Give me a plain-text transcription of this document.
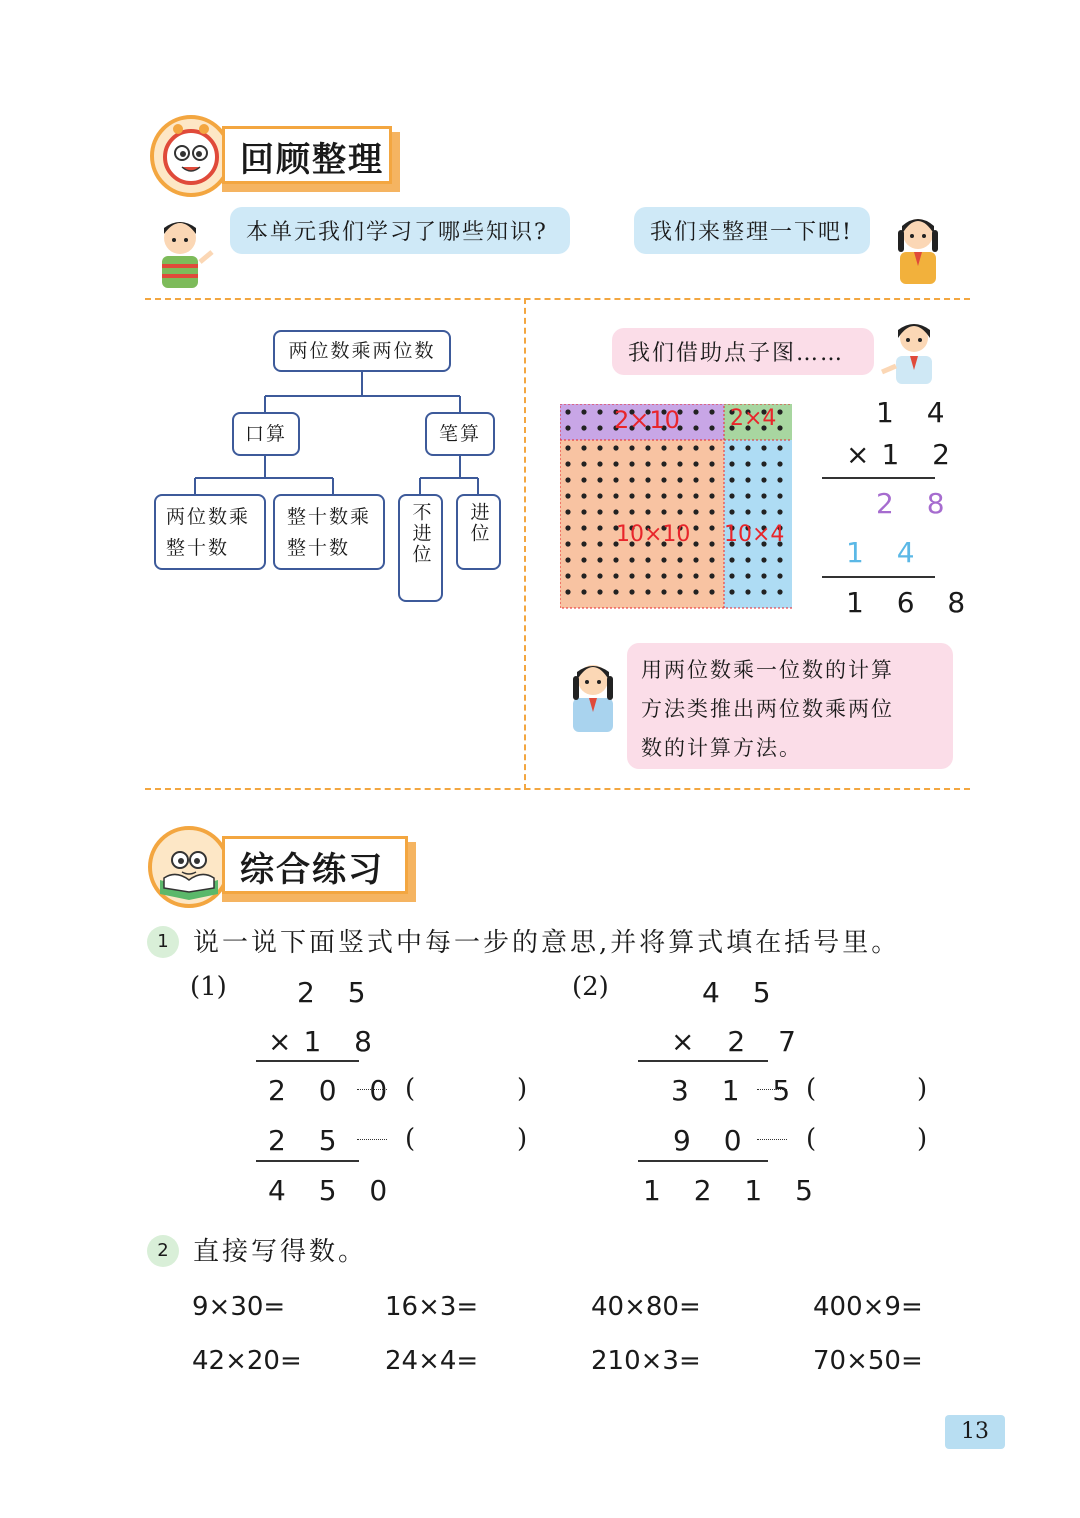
回顾整理
本单元我们学习了哪些知识?	我们来整理一下吧!
两位数乘两位数
口算	笔算
两位数乘
整十数
整十数乘
整十数	不进位 进位
我们借助点子图……
2×10 2×4
10×10 10×4
1 4
×1 2
2 8
1 4
1 6 8
用两位数乘一位数的计算
方法类推出两位数乘两位
数的计算方法。
综合练习
1 说一说下面竖式中每一步的意思,并将算式填在括号里。
(1)	2 5
×1 8
2 0 0 (	)
2 5 (	)
4 5 0
(2)	4 5
× 2 7
3 1 5 (	)
9 0 (	)
1 2 1 5
2 直接写得数。
9×30=	16×3=	40×80=	400×9=
42×20=	24×4=	210×3=	70×50=
13
